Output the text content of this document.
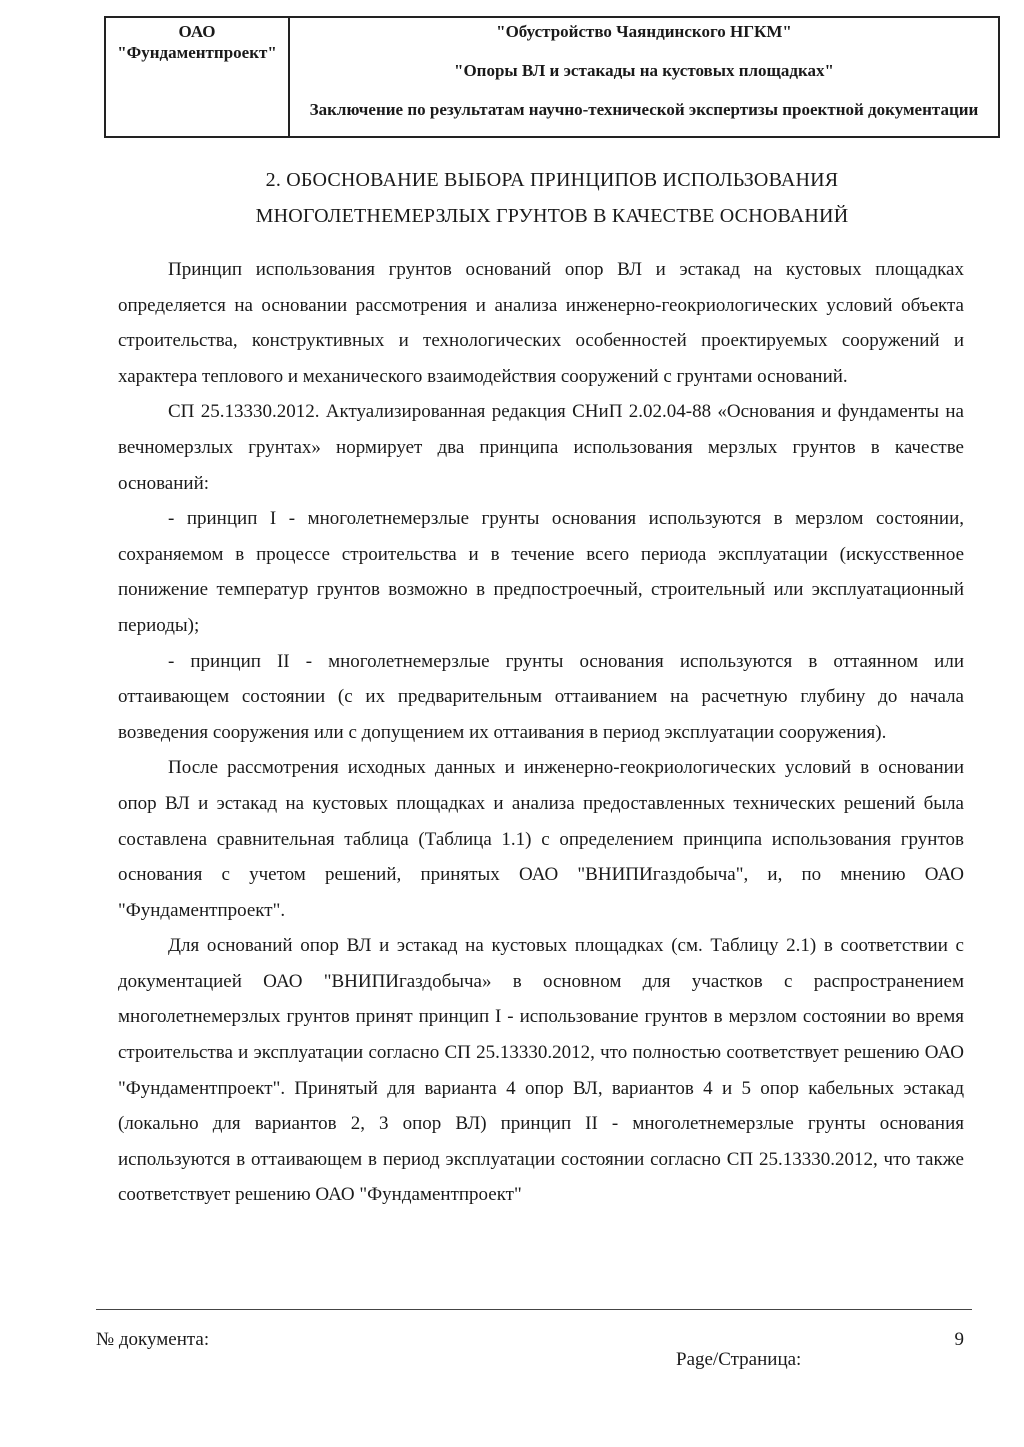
ОАО
"Фундаментпроект"
"Обустройство Чаяндинского НГКМ"
"Опоры ВЛ и эстакады на кустовых площадках"
Заключение по результатам научно-технической экспертизы проектной документации
2. ОБОСНОВАНИЕ ВЫБОРА ПРИНЦИПОВ ИСПОЛЬЗОВАНИЯ
МНОГОЛЕТНЕМЕРЗЛЫХ ГРУНТОВ В КАЧЕСТВЕ ОСНОВАНИЙ

Принцип использования грунтов оснований опор ВЛ и эстакад на кустовых площадках определяется на основании рассмотрения и анализа инженерно-геокриологических условий объекта строительства, конструктивных и технологических особенностей проектируемых сооружений и характера теплового и механического взаимодействия сооружений с грунтами оснований.

СП 25.13330.2012. Актуализированная редакция СНиП 2.02.04-88 «Основания и фундаменты на вечномерзлых грунтах» нормирует два принципа использования мерзлых грунтов в качестве оснований:

- принцип I - многолетнемерзлые грунты основания используются в мерзлом состоянии, сохраняемом в процессе строительства и в течение всего периода эксплуатации (искусственное понижение температур грунтов возможно в предпостроечный, строительный или эксплуатационный периоды);

- принцип II - многолетнемерзлые грунты основания используются в оттаянном или оттаивающем состоянии (с их предварительным оттаиванием на расчетную глубину до начала возведения сооружения или с допущением их оттаивания в период эксплуатации сооружения).

После рассмотрения исходных данных и инженерно-геокриологических условий в основании опор ВЛ и эстакад на кустовых площадках и анализа предоставленных технических решений была составлена сравнительная таблица (Таблица 1.1) с определением принципа использования грунтов основания с учетом решений, принятых ОАО "ВНИПИгаздобыча", и, по мнению ОАО "Фундаментпроект".

Для оснований опор ВЛ и эстакад на кустовых площадках (см. Таблицу 2.1) в соответствии с документацией ОАО "ВНИПИгаздобыча» в основном для участков с распространением многолетнемерзлых грунтов принят принцип I - использование грунтов в мерзлом состоянии во время строительства и эксплуатации согласно СП 25.13330.2012, что полностью соответствует решению ОАО "Фундаментпроект". Принятый для варианта 4 опор ВЛ, вариантов 4 и 5 опор кабельных эстакад (локально для вариантов 2, 3 опор ВЛ) принцип II - многолетнемерзлые грунты основания используются в оттаивающем в период эксплуатации состоянии согласно СП 25.13330.2012, что также соответствует решению ОАО "Фундаментпроект"

№ документа:	9
Page/Страница:
